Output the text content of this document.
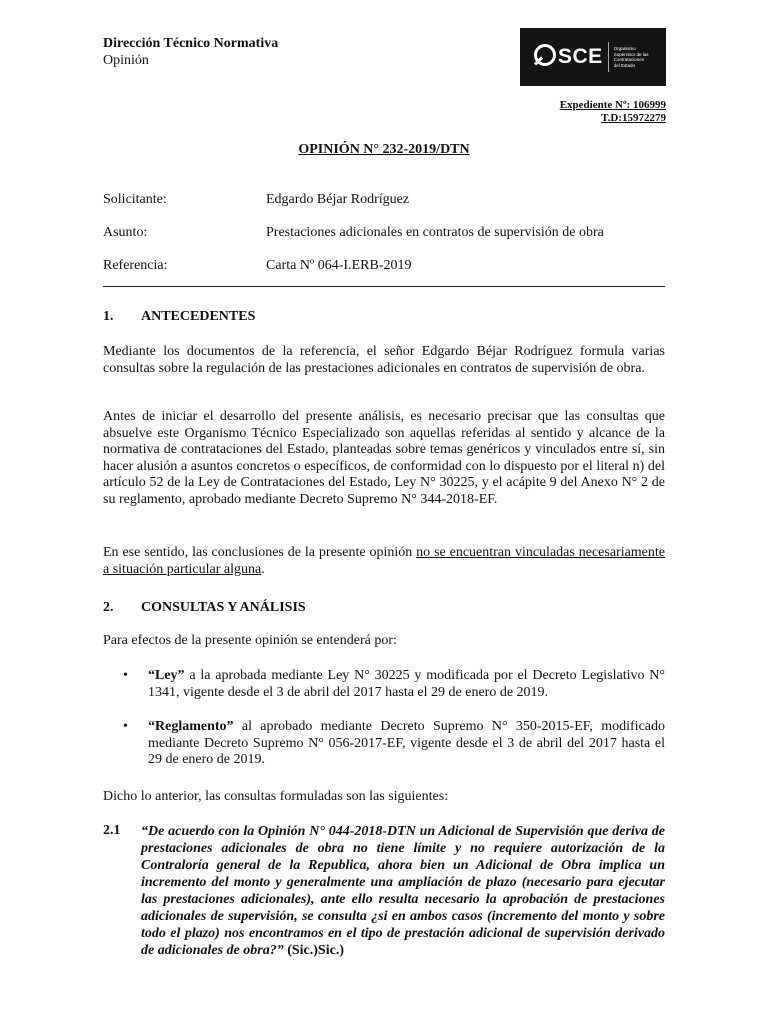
Dirección Técnico Normativa
Opinión	SCE Organismo Supervisor de las Contrataciones del Estado
Expediente Nº: 106999
T.D:15972279
OPINIÓN N° 232-2019/DTN
Solicitante:	Edgardo Béjar Rodríguez
Asunto:	Prestaciones adicionales en contratos de supervisión de obra
Referencia:	Carta Nº 064-I.ERB-2019
1. ANTECEDENTES

Mediante los documentos de la referencia, el señor Edgardo Béjar Rodríguez formula varias consultas sobre la regulación de las prestaciones adicionales en contratos de supervisión de obra.

Antes de iniciar el desarrollo del presente análisis, es necesario precisar que las consultas que absuelve este Organismo Técnico Especializado son aquellas referidas al sentido y alcance de la normativa de contrataciones del Estado, planteadas sobre temas genéricos y vinculados entre sí, sin hacer alusión a asuntos concretos o específicos, de conformidad con lo dispuesto por el literal n) del artículo 52 de la Ley de Contrataciones del Estado, Ley N° 30225, y el acápite 9 del Anexo N° 2 de su reglamento, aprobado mediante Decreto Supremo N° 344-2018-EF.

En ese sentido, las conclusiones de la presente opinión no se encuentran vinculadas necesariamente a situación particular alguna.

2. CONSULTAS Y ANÁLISIS

Para efectos de la presente opinión se entenderá por:

• “Ley” a la aprobada mediante Ley N° 30225 y modificada por el Decreto Legislativo N° 1341, vigente desde el 3 de abril del 2017 hasta el 29 de enero de 2019.

• “Reglamento” al aprobado mediante Decreto Supremo N° 350-2015-EF, modificado mediante Decreto Supremo N° 056-2017-EF, vigente desde el 3 de abril del 2017 hasta el 29 de enero de 2019.

Dicho lo anterior, las consultas formuladas son las siguientes:

2.1 “De acuerdo con la Opinión N° 044-2018-DTN un Adicional de Supervisión que deriva de prestaciones adicionales de obra no tiene límite y no requiere autorización de la Contraloría general de la Republica, ahora bien un Adicional de Obra implica un incremento del monto y generalmente una ampliación de plazo (necesario para ejecutar las prestaciones adicionales), ante ello resulta necesario la aprobación de prestaciones adicionales de supervisión, se consulta ¿si en ambos casos (incremento del monto y sobre todo el plazo) nos encontramos en el tipo de prestación adicional de supervisión derivado de adicionales de obra?” (Sic.)Sic.)
